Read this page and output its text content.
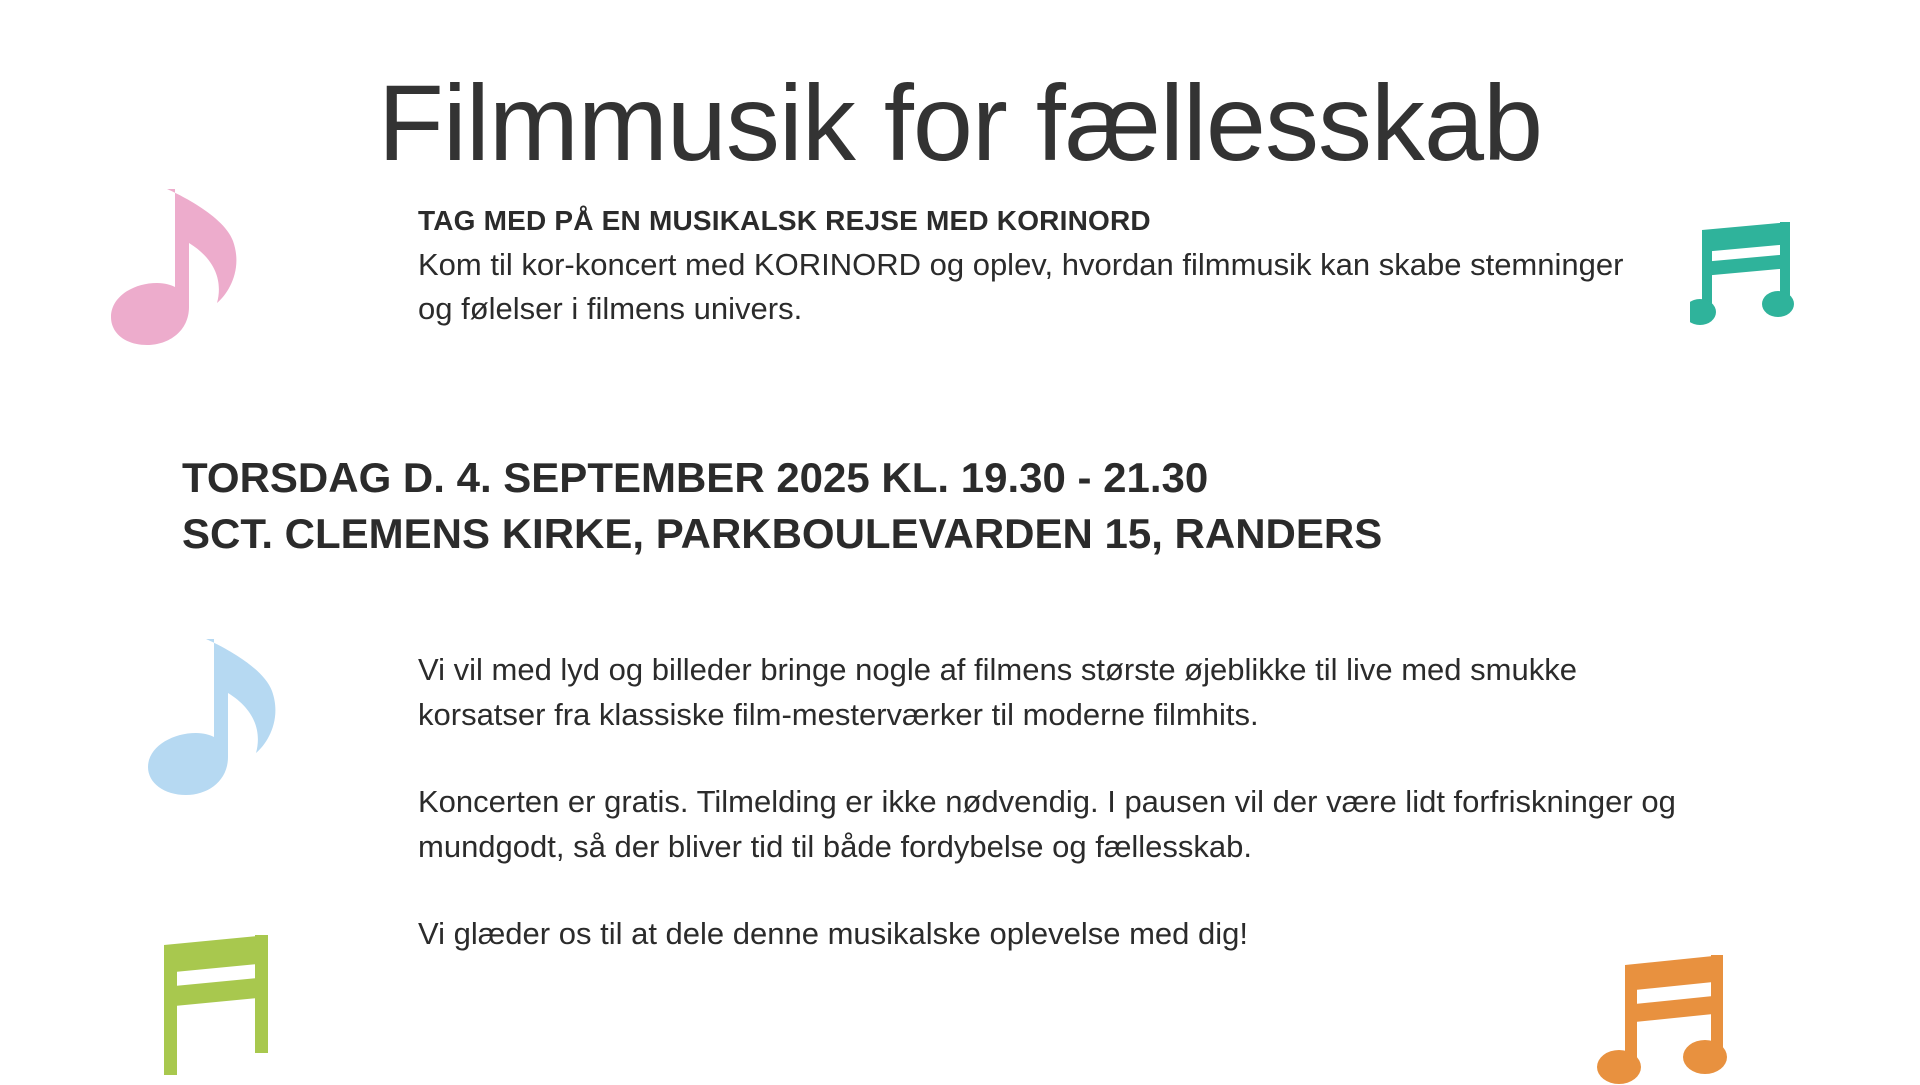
Filmmusik for fællesskab

TAG MED PÅ EN MUSIKALSK REJSE MED KORINORD

Kom til kor-koncert med KORINORD og oplev, hvordan filmmusik kan skabe stemninger og følelser i filmens univers.

TORSDAG D. 4. SEPTEMBER 2025 KL. 19.30 - 21.30
SCT. CLEMENS KIRKE, PARKBOULEVARDEN 15, RANDERS

Vi vil med lyd og billeder bringe nogle af filmens største øjeblikke til live med smukke korsatser fra klassiske film-mesterværker til moderne filmhits.

Koncerten er gratis. Tilmelding er ikke nødvendig. I pausen vil der være lidt forfriskninger og mundgodt, så der bliver tid til både fordybelse og fællesskab.

Vi glæder os til at dele denne musikalske oplevelse med dig!
